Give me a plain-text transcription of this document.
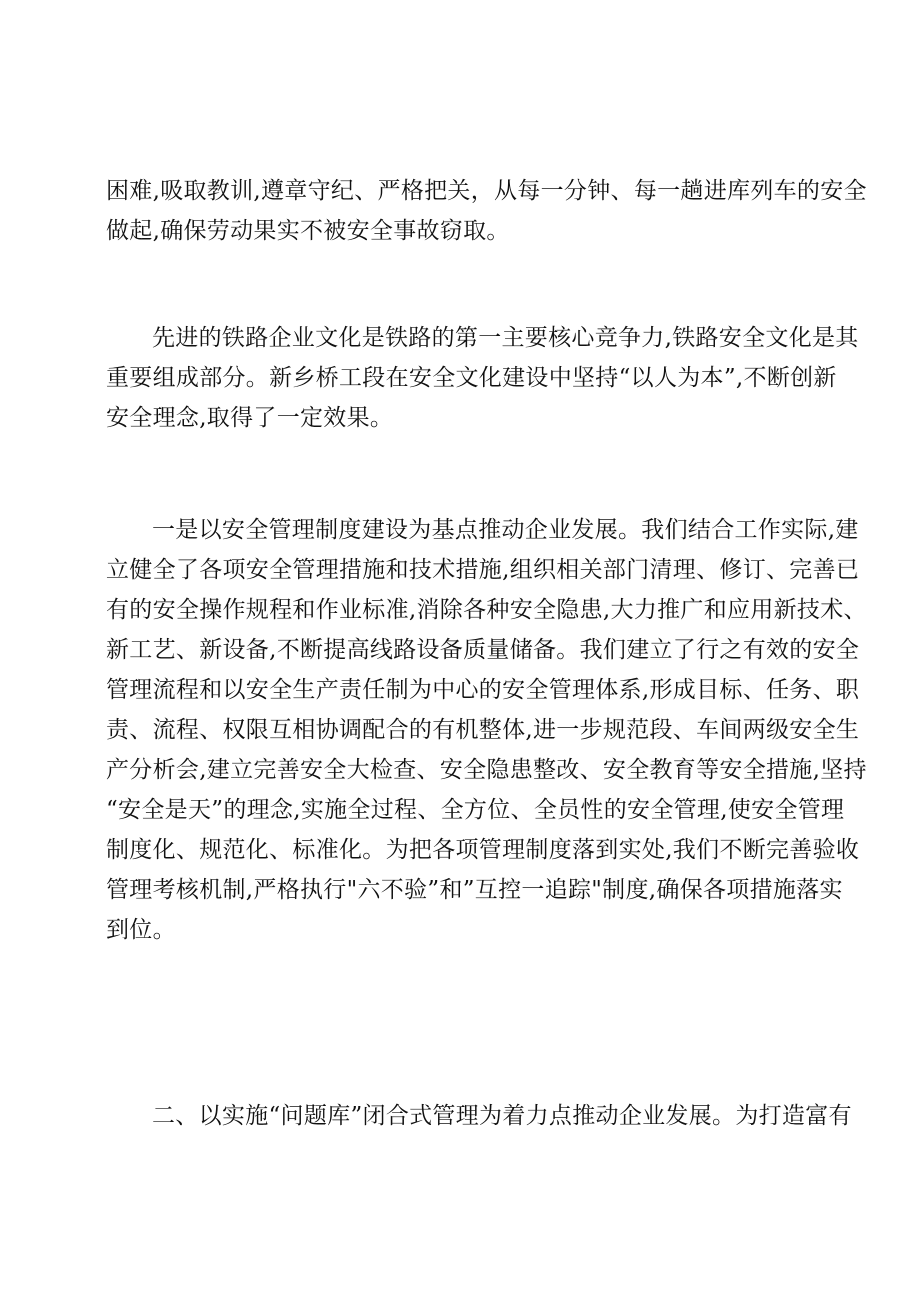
困难,吸取教训,遵章守纪、严格把关，从每一分钟、每一趟进库列车的安全
做起,确保劳动果实不被安全事故窃取。

先进的铁路企业文化是铁路的第一主要核心竞争力,铁路安全文化是其
重要组成部分。新乡桥工段在安全文化建设中坚持“以人为本”,不断创新
安全理念,取得了一定效果。

一是以安全管理制度建设为基点推动企业发展。我们结合工作实际,建
立健全了各项安全管理措施和技术措施,组织相关部门清理、修订、完善已
有的安全操作规程和作业标准,消除各种安全隐患,大力推广和应用新技术、
新工艺、新设备,不断提高线路设备质量储备。我们建立了行之有效的安全
管理流程和以安全生产责任制为中心的安全管理体系,形成目标、任务、职
责、流程、权限互相协调配合的有机整体,进一步规范段、车间两级安全生
产分析会,建立完善安全大检查、安全隐患整改、安全教育等安全措施,坚持
“安全是天”的理念,实施全过程、全方位、全员性的安全管理,使安全管理
制度化、规范化、标准化。为把各项管理制度落到实处,我们不断完善验收
管理考核机制,严格执行"六不验”和”互控一追踪"制度,确保各项措施落实
到位。

二、以实施“问题库”闭合式管理为着力点推动企业发展。为打造富有
